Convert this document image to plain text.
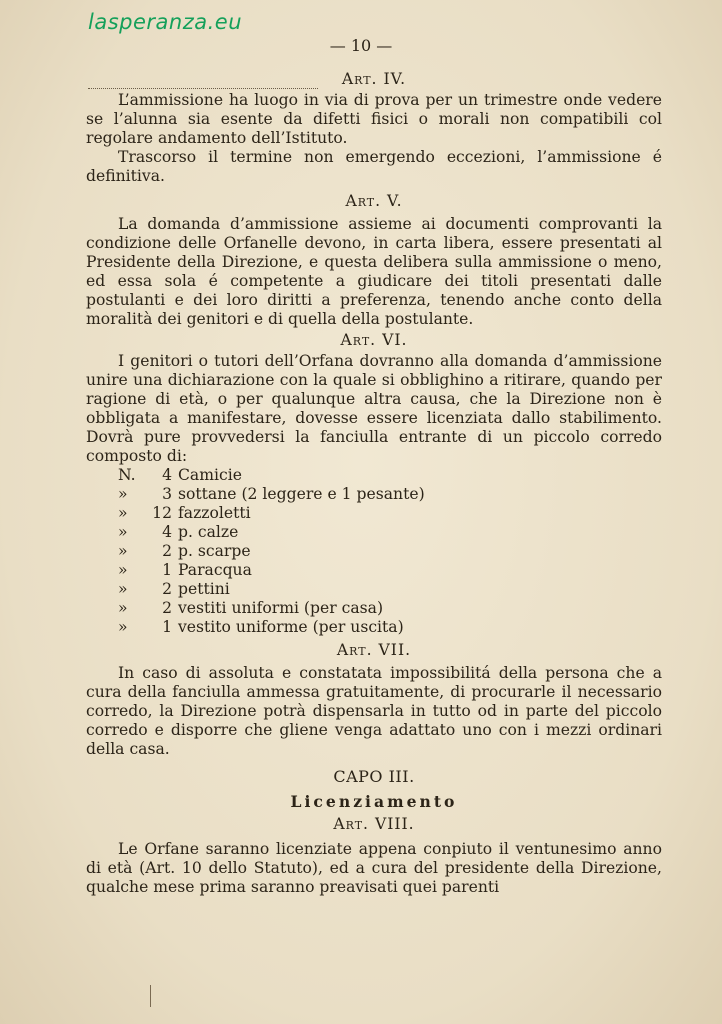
lasperanza.eu
— 10 —
Art. IV.

L’ammissione ha luogo in via di prova per un trimestre onde vedere se l’alunna sia esente da difetti fisici o morali non compatibili col regolare andamento dell’Istituto.

Trascorso il termine non emergendo eccezioni, l’ammissione é definitiva.

Art. V.

La domanda d’ammissione assieme ai documenti comprovanti la condizione delle Orfanelle devono, in carta libera, essere presentati al Presidente della Direzione, e questa delibera sulla ammissione o meno, ed essa sola é competente a giudicare dei titoli presentati dalle postulanti e dei loro diritti a preferenza, tenendo anche conto della moralità dei genitori e di quella della postulante.

Art. VI.

I genitori o tutori dell’Orfana dovranno alla domanda d’ammissione unire una dichiarazione con la quale si obblighino a ritirare, quando per ragione di età, o per qualunque altra causa, che la Direzione non è obbligata a manifestare, dovesse essere licenziata dallo stabilimento. Dovrà pure provvedersi la fanciulla entrante di un piccolo corredo composto di:

N.	4 Camicie
»	3 sottane (2 leggere e 1 pesante)
»	12 fazzoletti
»	4 p. calze
»	2 p. scarpe
»	1 Paracqua
»	2 pettini
»	2 vestiti uniformi (per casa)
»	1 vestito uniforme (per uscita)
Art. VII.

In caso di assoluta e constatata impossibilitá della persona che a cura della fanciulla ammessa gratuitamente, di procurarle il necessario corredo, la Direzione potrà dispensarla in tutto od in parte del piccolo corredo e disporre che gliene venga adattato uno con i mezzi ordinari della casa.

CAPO III.
Licenziamento
Art. VIII.

Le Orfane saranno licenziate appena conpiuto il ventunesimo anno di età (Art. 10 dello Statuto), ed a cura del presidente della Direzione, qualche mese prima saranno preavisati quei parenti
